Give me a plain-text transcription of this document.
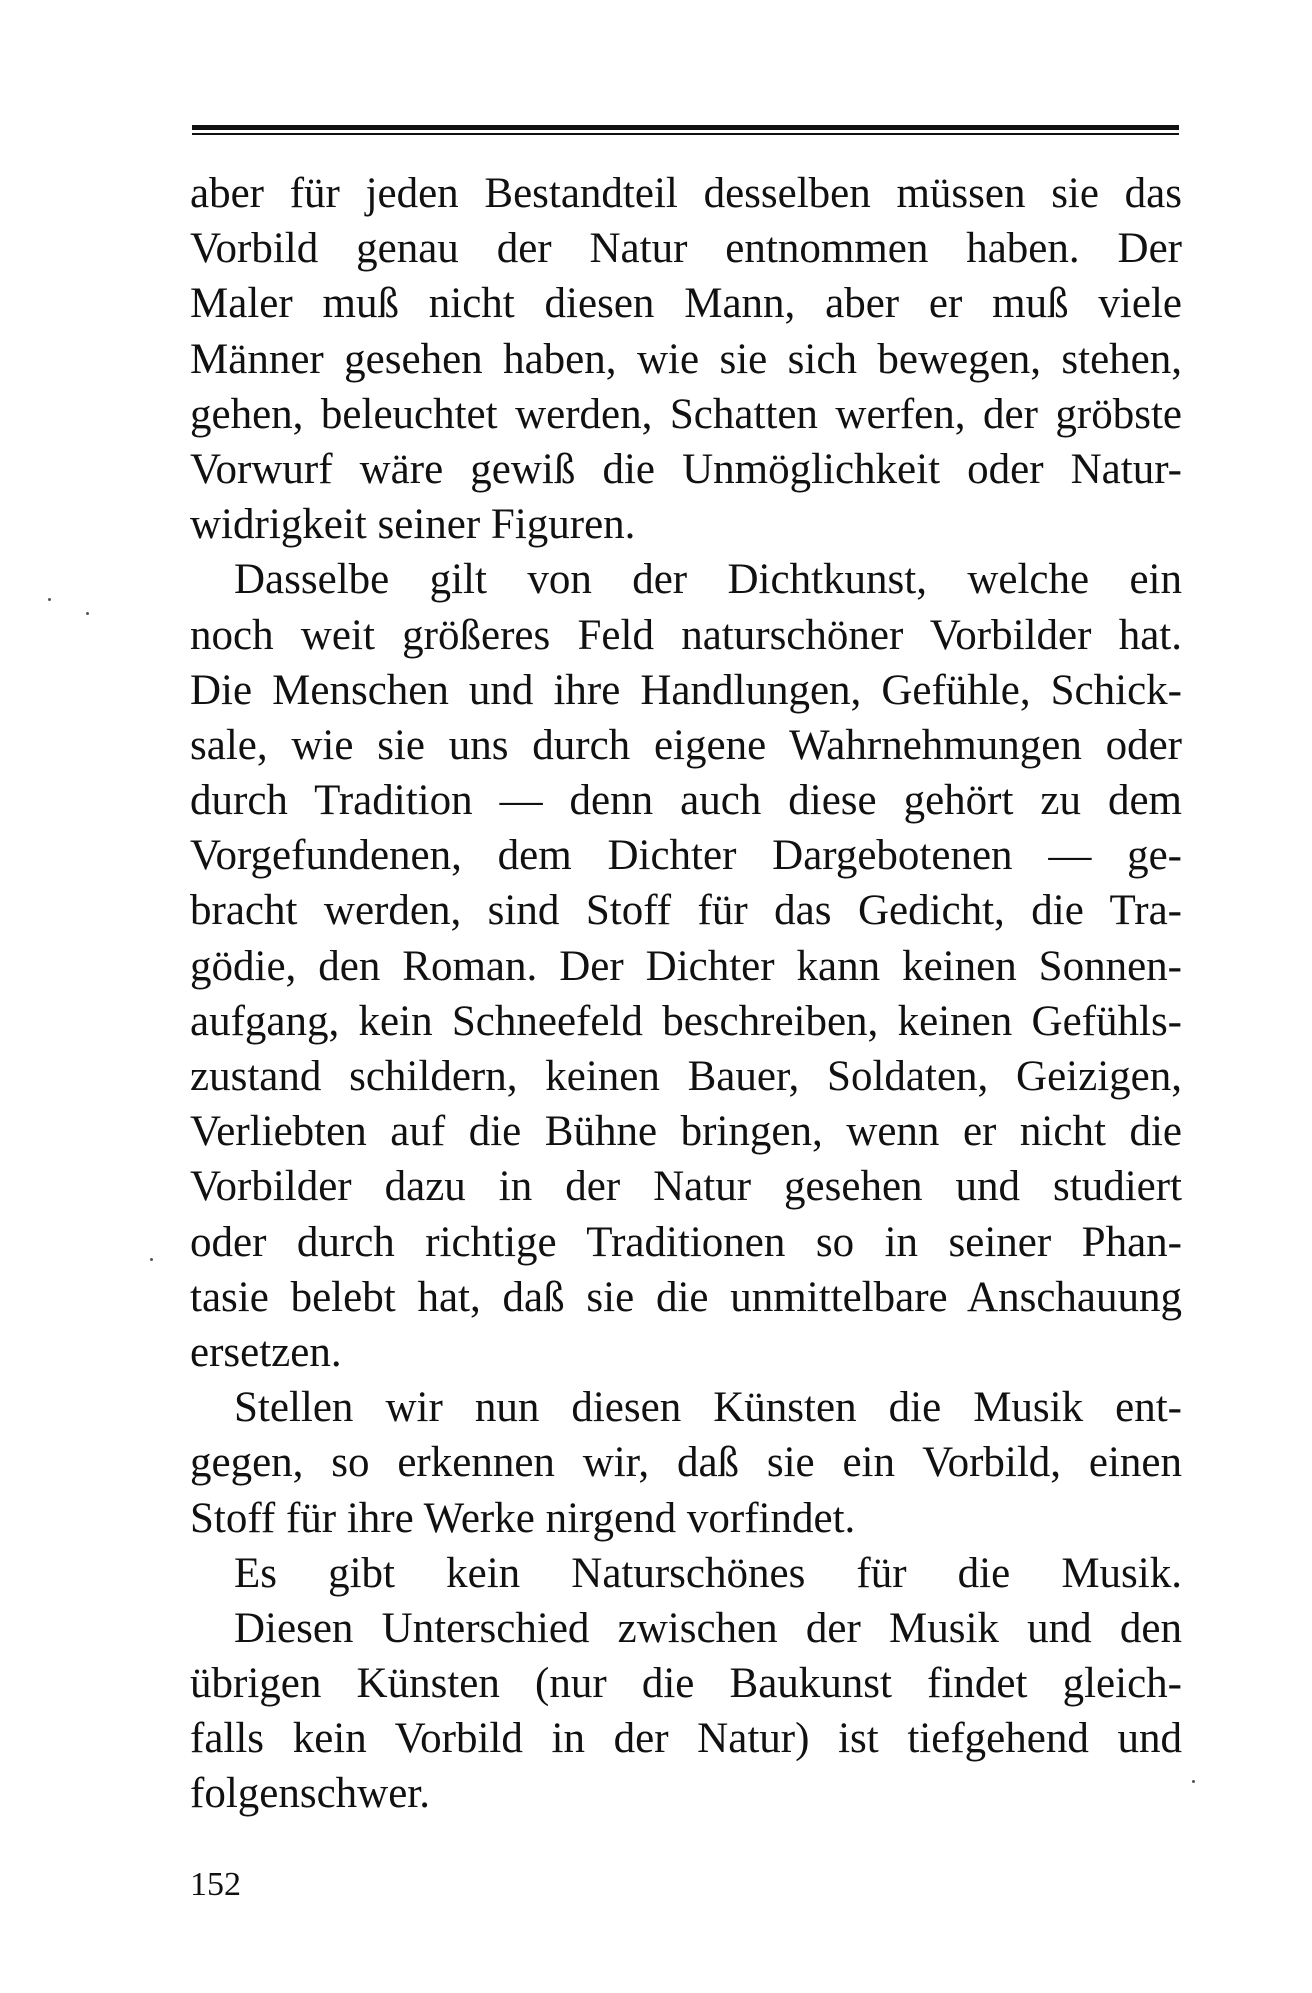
aber für jeden Bestandteil desselben müssen sie das
Vorbild genau der Natur entnommen haben. Der
Maler muß nicht diesen Mann, aber er muß viele
Männer gesehen haben, wie sie sich bewegen, stehen,
gehen, beleuchtet werden, Schatten werfen, der gröbste
Vorwurf wäre gewiß die Unmöglichkeit oder Natur-
widrigkeit seiner Figuren.
Dasselbe gilt von der Dichtkunst, welche ein
noch weit größeres Feld naturschöner Vorbilder hat.
Die Menschen und ihre Handlungen, Gefühle, Schick-
sale, wie sie uns durch eigene Wahrnehmungen oder
durch Tradition — denn auch diese gehört zu dem
Vorgefundenen, dem Dichter Dargebotenen — ge-
bracht werden, sind Stoff für das Gedicht, die Tra-
gödie, den Roman. Der Dichter kann keinen Sonnen-
aufgang, kein Schneefeld beschreiben, keinen Gefühls-
zustand schildern, keinen Bauer, Soldaten, Geizigen,
Verliebten auf die Bühne bringen, wenn er nicht die
Vorbilder dazu in der Natur gesehen und studiert
oder durch richtige Traditionen so in seiner Phan-
tasie belebt hat, daß sie die unmittelbare Anschauung
ersetzen.
Stellen wir nun diesen Künsten die Musik ent-
gegen, so erkennen wir, daß sie ein Vorbild, einen
Stoff für ihre Werke nirgend vorfindet.
Es gibt kein Naturschönes für die Musik.
Diesen Unterschied zwischen der Musik und den
übrigen Künsten (nur die Baukunst findet gleich-
falls kein Vorbild in der Natur) ist tiefgehend und
folgenschwer.
152
